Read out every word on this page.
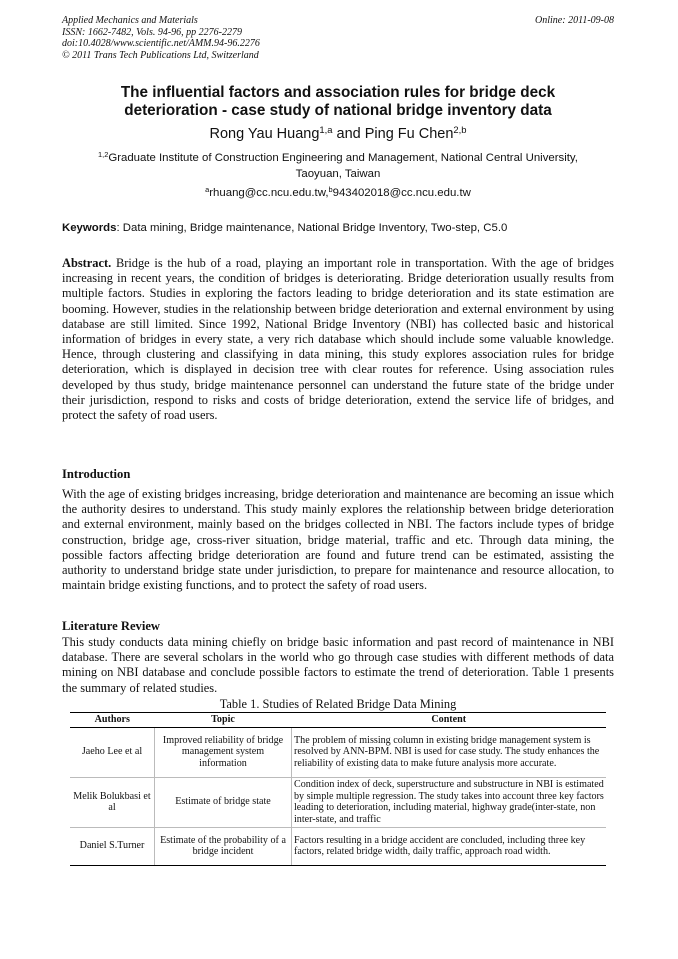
Applied Mechanics and Materials
ISSN: 1662-7482, Vols. 94-96, pp 2276-2279
doi:10.4028/www.scientific.net/AMM.94-96.2276
© 2011 Trans Tech Publications Ltd, Switzerland
Online: 2011-09-08
The influential factors and association rules for bridge deck
deterioration - case study of national bridge inventory data
Rong Yau Huang$^{1,a}$ and Ping Fu Chen$^{2,b}$
$^{1,2}$Graduate Institute of Construction Engineering and Management, National Central University,
Taoyuan, Taiwan
$^a$rhuang@cc.ncu.edu.tw,$^b$943402018@cc.ncu.edu.tw
Keywords: Data mining, Bridge maintenance, National Bridge Inventory, Two-step, C5.0
Abstract. Bridge is the hub of a road, playing an important role in transportation. With the age of bridges increasing in recent years, the condition of bridges is deteriorating. Bridge deterioration usually results from multiple factors. Studies in exploring the factors leading to bridge deterioration and its state estimation are booming. However, studies in the relationship between bridge deterioration and external environment by using database are still limited. Since 1992, National Bridge Inventory (NBI) has collected basic and historical information of bridges in every state, a very rich database which should include some valuable knowledge. Hence, through clustering and classifying in data mining, this study explores association rules for bridge deterioration, which is displayed in decision tree with clear routes for reference. Using association rules developed by thus study, bridge maintenance personnel can understand the future state of the bridge under their jurisdiction, respond to risks and costs of bridge deterioration, extend the service life of bridges, and protect the safety of road users.
Introduction
With the age of existing bridges increasing, bridge deterioration and maintenance are becoming an issue which the authority desires to understand. This study mainly explores the relationship between bridge deterioration and external environment, mainly based on the bridges collected in NBI. The factors include types of bridge construction, bridge age, cross-river situation, bridge material, traffic and etc. Through data mining, the possible factors affecting bridge deterioration are found and future trend can be estimated, assisting the authority to understand bridge state under jurisdiction, to prepare for maintenance and resource allocation, to maintain bridge existing functions, and to protect the safety of road users.
Literature Review
This study conducts data mining chiefly on bridge basic information and past record of maintenance in NBI database. There are several scholars in the world who go through case studies with different methods of data mining on NBI database and conclude possible factors to estimate the trend of deterioration. Table 1 presents the summary of related studies.
Table 1. Studies of Related Bridge Data Mining
Authors	Topic	Content
Jaeho Lee et al	Improved reliability of bridge management system information	The problem of missing column in existing bridge management system is resolved by ANN-BPM. NBI is used for case study. The study enhances the reliability of existing data to make future analysis more accurate.
Melik Bolukbasi et al	Estimate of bridge state	Condition index of deck, superstructure and substructure in NBI is estimated by simple multiple regression. The study takes into account three key factors leading to deterioration, including material, highway grade(inter-state, non inter-state, and traffic
Daniel S.Turner	Estimate of the probability of a bridge incident	Factors resulting in a bridge accident are concluded, including three key factors, related bridge width, daily traffic, approach road width.
